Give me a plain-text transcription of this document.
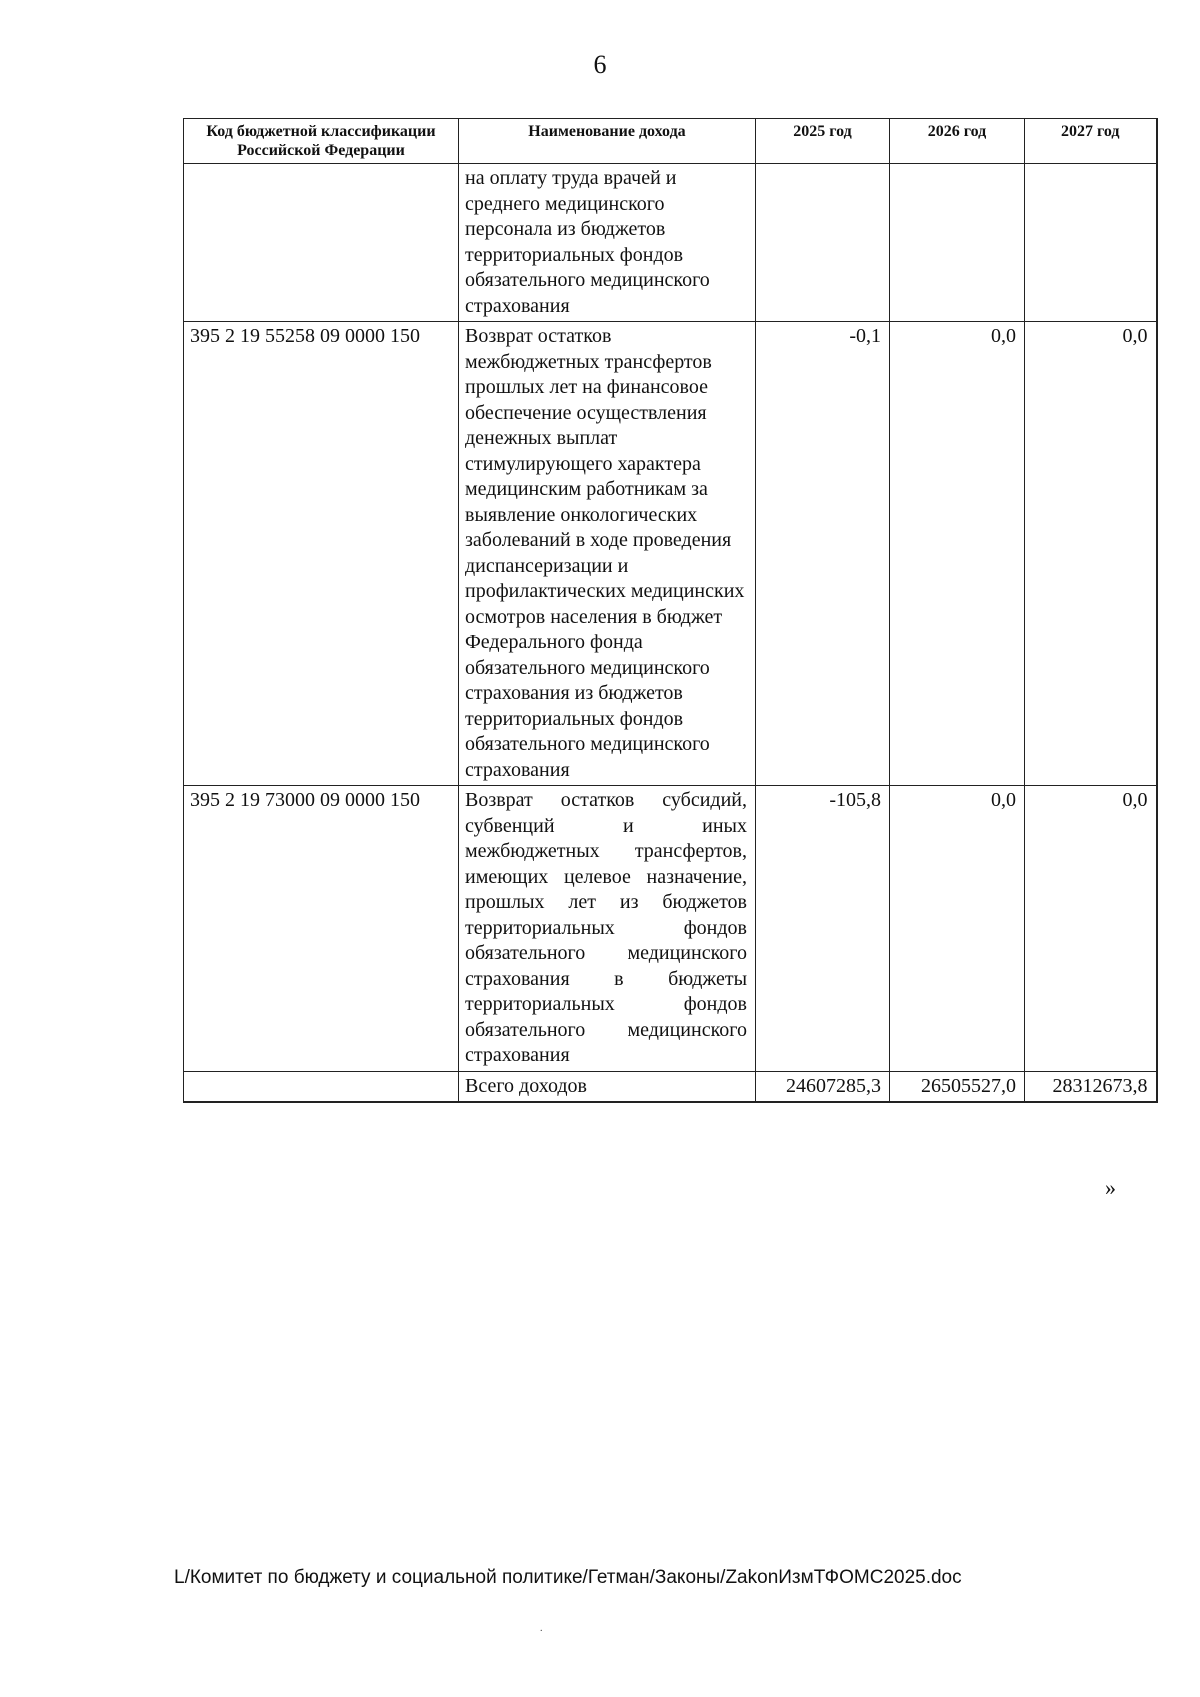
6
Код бюджетной классификации Российской Федерации	Наименование дохода	2025 год	2026 год	2027 год
	на оплату труда врачей и среднего медицинского персонала из бюджетов территориальных фондов обязательного медицинского страхования			
395 2 19 55258 09 0000 150	Возврат остатков межбюджетных трансфертов прошлых лет на финансовое обеспечение осуществления денежных выплат стимулирующего характера медицинским работникам за выявление онкологических заболеваний в ходе проведения диспансеризации и профилактических медицинских осмотров населения в бюджет Федерального фонда обязательного медицинского страхования из бюджетов территориальных фондов обязательного медицинского страхования	-0,1	0,0	0,0
395 2 19 73000 09 0000 150	Возврат остатков субсидий, субвенций и иных межбюджетных трансфертов, имеющих целевое назначение, прошлых лет из бюджетов территориальных фондов обязательного медицинского страхования в бюджеты территориальных фондов обязательного медицинского страхования	-105,8	0,0	0,0
	Всего доходов	24607285,3	26505527,0	28312673,8
»
L/Комитет по бюджету и социальной политике/Гетман/Законы/ZakonИзмТФОМС2025.doc
.
